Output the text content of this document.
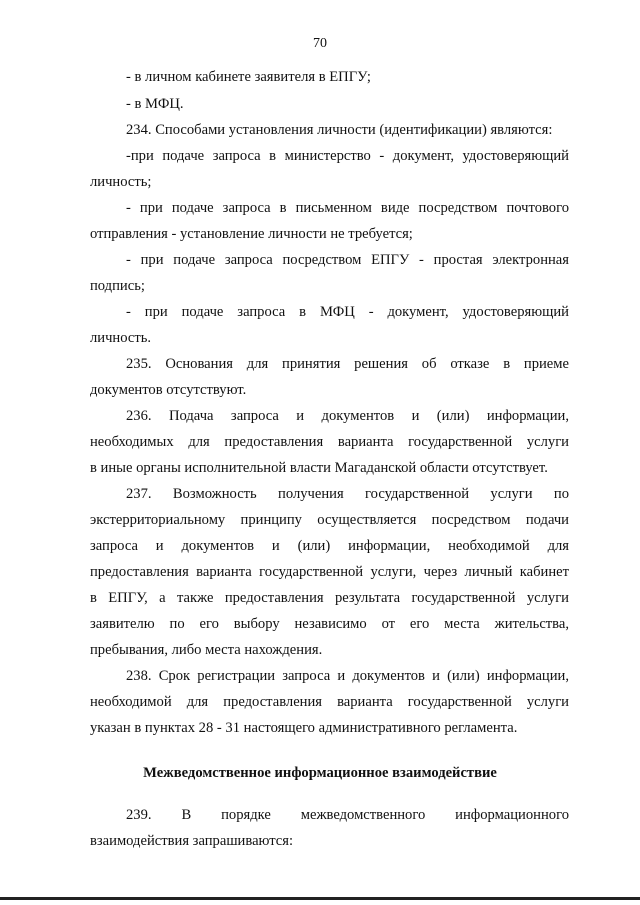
70
- в личном кабинете заявителя в ЕПГУ;
- в МФЦ.
234. Способами установления личности (идентификации) являются:
-при подаче запроса в министерство - документ, удостоверяющий
личность;
- при подаче запроса в письменном виде посредством почтового
отправления - установление личности не требуется;
- при подаче запроса посредством ЕПГУ - простая электронная
подпись;
- при подаче запроса в МФЦ - документ, удостоверяющий
личность.
235. Основания для принятия решения об отказе в приеме
документов отсутствуют.
236. Подача запроса и документов и (или) информации,
необходимых для предоставления варианта государственной услуги
в иные органы исполнительной власти Магаданской области отсутствует.
237. Возможность получения государственной услуги по
экстерриториальному принципу осуществляется посредством подачи
запроса и документов и (или) информации, необходимой для
предоставления варианта государственной услуги, через личный кабинет
в ЕПГУ, а также предоставления результата государственной услуги
заявителю по его выбору независимо от его места жительства,
пребывания, либо места нахождения.
238. Срок регистрации запроса и документов и (или) информации,
необходимой для предоставления варианта государственной услуги
указан в пунктах 28 - 31 настоящего административного регламента.
Межведомственное информационное взаимодействие
239. В порядке межведомственного информационного
взаимодействия запрашиваются:
